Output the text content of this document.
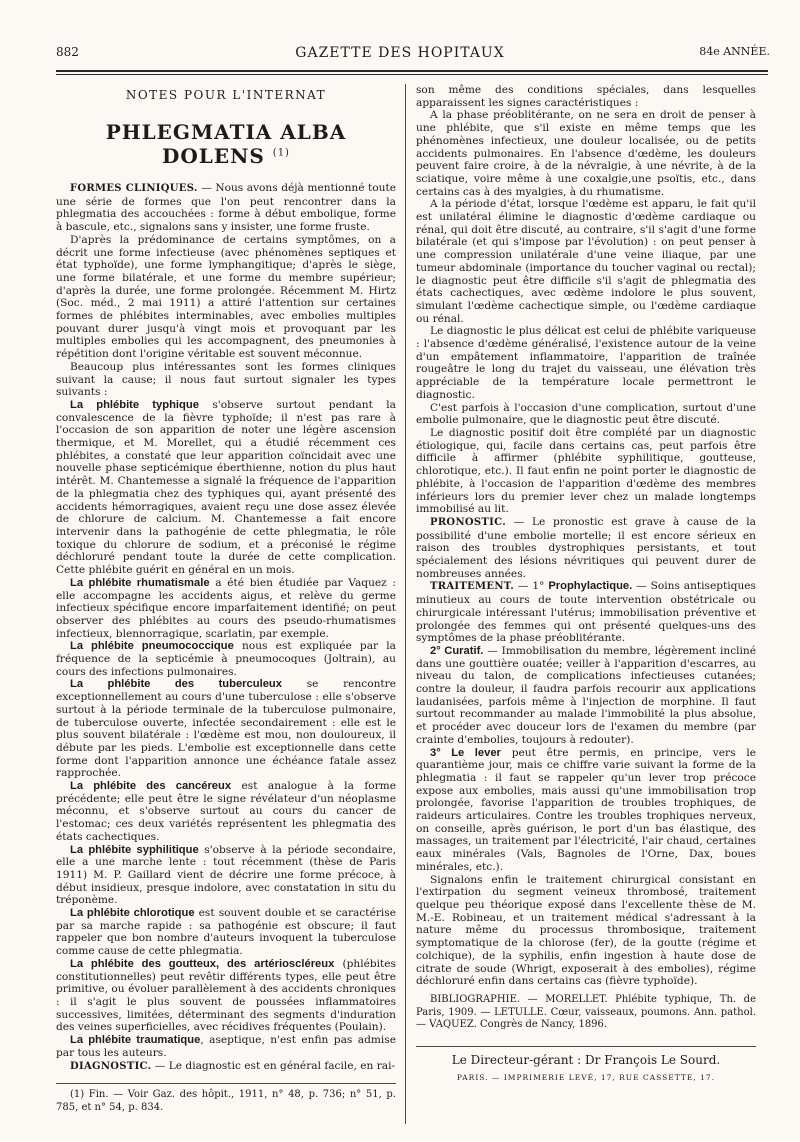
882	GAZETTE DES HOPITAUX	84e ANNÉE.
NOTES POUR L'INTERNAT
PHLEGMATIA ALBA DOLENS $^{(1)}$

FORMES CLINIQUES. — Nous avons déjà mentionné toute une série de formes que l'on peut rencontrer dans la phlegmatia des accouchées : forme à début embolique, forme à bascule, etc., signalons sans y insister, une forme fruste.

D'après la prédominance de certains symptômes, on a décrit une forme infectieuse (avec phénomènes septiques et état typhoïde), une forme lymphangitique; d'après le siège, une forme bilatérale, et une forme du membre supérieur; d'après la durée, une forme prolongée. Récemment M. Hirtz (Soc. méd., 2 mai 1911) a attiré l'attention sur certaines formes de phlébites interminables, avec embolies multiples pouvant durer jusqu'à vingt mois et provoquant par les multiples embolies qui les accompagnent, des pneumonies à répétition dont l'origine véritable est souvent méconnue.

Beaucoup plus intéressantes sont les formes cliniques suivant la cause; il nous faut surtout signaler les types suivants :

La phlébite typhique s'observe surtout pendant la convalescence de la fièvre typhoïde; il n'est pas rare à l'occasion de son apparition de noter une légère ascension thermique, et M. Morellet, qui a étudié récemment ces phlébites, a constaté que leur apparition coïncidait avec une nouvelle phase septicémique éberthienne, notion du plus haut intérêt. M. Chantemesse a signalé la fréquence de l'apparition de la phlegmatia chez des typhiques qui, ayant présenté des accidents hémorragiques, avaient reçu une dose assez élevée de chlorure de calcium. M. Chantemesse a fait encore intervenir dans la pathogénie de cette phlegmatia, le rôle toxique du chlorure de sodium, et a préconisé le régime déchloruré pendant toute la durée de cette complication. Cette phlébite guérit en général en un mois.

La phlébite rhumatismale a été bien étudiée par Vaquez : elle accompagne les accidents aigus, et relève du germe infectieux spécifique encore imparfaitement identifié; on peut observer des phlébites au cours des pseudo-rhumatismes infectieux, blennorragique, scarlatin, par exemple.

La phlébite pneumococcique nous est expliquée par la fréquence de la septicémie à pneumocoques (Joltrain), au cours des infections pulmonaires.

La phlébite des tuberculeux se rencontre exceptionnellement au cours d'une tuberculose : elle s'observe surtout à la période terminale de la tuberculose pulmonaire, de tuberculose ouverte, infectée secondairement : elle est le plus souvent bilatérale : l'œdème est mou, non douloureux, il débute par les pieds. L'embolie est exceptionnelle dans cette forme dont l'apparition annonce une échéance fatale assez rapprochée.

La phlébite des cancéreux est analogue à la forme précédente; elle peut être le signe révélateur d'un néoplasme méconnu, et s'observe surtout au cours du cancer de l'estomac; ces deux variétés représentent les phlegmatia des états cachectiques.

La phlébite syphilitique s'observe à la période secondaire, elle a une marche lente : tout récemment (thèse de Paris 1911) M. P. Gaillard vient de décrire une forme précoce, à début insidieux, presque indolore, avec constatation in situ du tréponème.

La phlébite chlorotique est souvent double et se caractérise par sa marche rapide : sa pathogénie est obscure; il faut rappeler que bon nombre d'auteurs invoquent la tuberculose comme cause de cette phlegmatia.

La phlébite des goutteux, des artérioscléreux (phlébites constitutionnelles) peut revêtir différents types, elle peut être primitive, ou évoluer parallèlement à des accidents chroniques : il s'agit le plus souvent de poussées inflammatoires successives, limitées, déterminant des segments d'induration des veines superficielles, avec récidives fréquentes (Poulain).

La phlébite traumatique, aseptique, n'est enfin pas admise par tous les auteurs.

DIAGNOSTIC. — Le diagnostic est en général facile, en rai-

(1) Fin. — Voir Gaz. des hôpit., 1911, n° 48, p. 736; n° 51, p. 785, et n° 54, p. 834.

son même des conditions spéciales, dans lesquelles apparaissent les signes caractéristiques :

A la phase préoblitérante, on ne sera en droit de penser à une phlébite, que s'il existe en même temps que les phénomènes infectieux, une douleur localisée, ou de petits accidents pulmonaires. En l'absence d'œdème, les douleurs peuvent faire croire, à de la névralgie, à une névrite, à de la sciatique, voire même à une coxalgie,une psoïtis, etc., dans certains cas à des myalgies, à du rhumatisme.

A la période d'état, lorsque l'œdème est apparu, le fait qu'il est unilatéral élimine le diagnostic d'œdème cardiaque ou rénal, qui doit être discuté, au contraire, s'il s'agit d'une forme bilatérale (et qui s'impose par l'évolution) : on peut penser à une compression unilatérale d'une veine iliaque, par une tumeur abdominale (importance du toucher vaginal ou rectal); le diagnostic peut être difficile s'il s'agit de phlegmatia des états cachectiques, avec œdème indolore le plus souvent, simulant l'œdème cachectique simple, ou l'œdème cardiaque ou rénal.

Le diagnostic le plus délicat est celui de phlébite variqueuse : l'absence d'œdème généralisé, l'existence autour de la veine d'un empâtement inflammatoire, l'apparition de traînée rougeâtre le long du trajet du vaisseau, une élévation très appréciable de la température locale permettront le diagnostic.

C'est parfois à l'occasion d'une complication, surtout d'une embolie pulmonaire, que le diagnostic peut être discuté.

Le diagnostic positif doit être complété par un diagnostic étiologique, qui, facile dans certains cas, peut parfois être difficile à affirmer (phlébite syphilitique, goutteuse, chlorotique, etc.). Il faut enfin ne point porter le diagnostic de phlébite, à l'occasion de l'apparition d'œdème des membres inférieurs lors du premier lever chez un malade longtemps immobilisé au lit.

PRONOSTIC. — Le pronostic est grave à cause de la possibilité d'une embolie mortelle; il est encore sérieux en raison des troubles dystrophiques persistants, et tout spécialement des lésions névritiques qui peuvent durer de nombreuses années.

TRAITEMENT. — 1° Prophylactique. — Soins antiseptiques minutieux au cours de toute intervention obstétricale ou chirurgicale intéressant l'utérus; immobilisation préventive et prolongée des femmes qui ont présenté quelques-uns des symptômes de la phase préoblitérante.

2° Curatif. — Immobilisation du membre, légèrement incliné dans une gouttière ouatée; veiller à l'apparition d'escarres, au niveau du talon, de complications infectieuses cutanées; contre la douleur, il faudra parfois recourir aux applications laudanisées, parfois même à l'injection de morphine. Il faut surtout recommander au malade l'immobilité la plus absolue, et procéder avec douceur lors de l'examen du membre (par crainte d'embolies, toujours à redouter).

3° Le lever peut être permis, en principe, vers le quarantième jour, mais ce chiffre varie suivant la forme de la phlegmatia : il faut se rappeler qu'un lever trop précoce expose aux embolies, mais aussi qu'une immobilisation trop prolongée, favorise l'apparition de troubles trophiques, de raideurs articulaires. Contre les troubles trophiques nerveux, on conseille, après guérison, le port d'un bas élastique, des massages, un traitement par l'électricité, l'air chaud, certaines eaux minérales (Vals, Bagnoles de l'Orne, Dax, boues minérales, etc.).

Signalons enfin le traitement chirurgical consistant en l'extirpation du segment veineux thrombosé, traitement quelque peu théorique exposé dans l'excellente thèse de M. M.-E. Robineau, et un traitement médical s'adressant à la nature même du processus thrombosique, traitement symptomatique de la chlorose (fer), de la goutte (régime et colchique), de la syphilis, enfin ingestion à haute dose de citrate de soude (Whrigt, exposerait à des embolies), régime déchloruré enfin dans certains cas (fièvre typhoïde).

BIBLIOGRAPHIE. — MORELLET. Phlébite typhique, Th. de Paris, 1909. — LETULLE. Cœur, vaisseaux, poumons. Ann. pathol. — VAQUEZ. Congrès de Nancy, 1896.

Le Directeur-gérant : Dr François Le Sourd.
PARIS. — IMPRIMERIE LEVÉ, 17, RUE CASSETTE, 17.
